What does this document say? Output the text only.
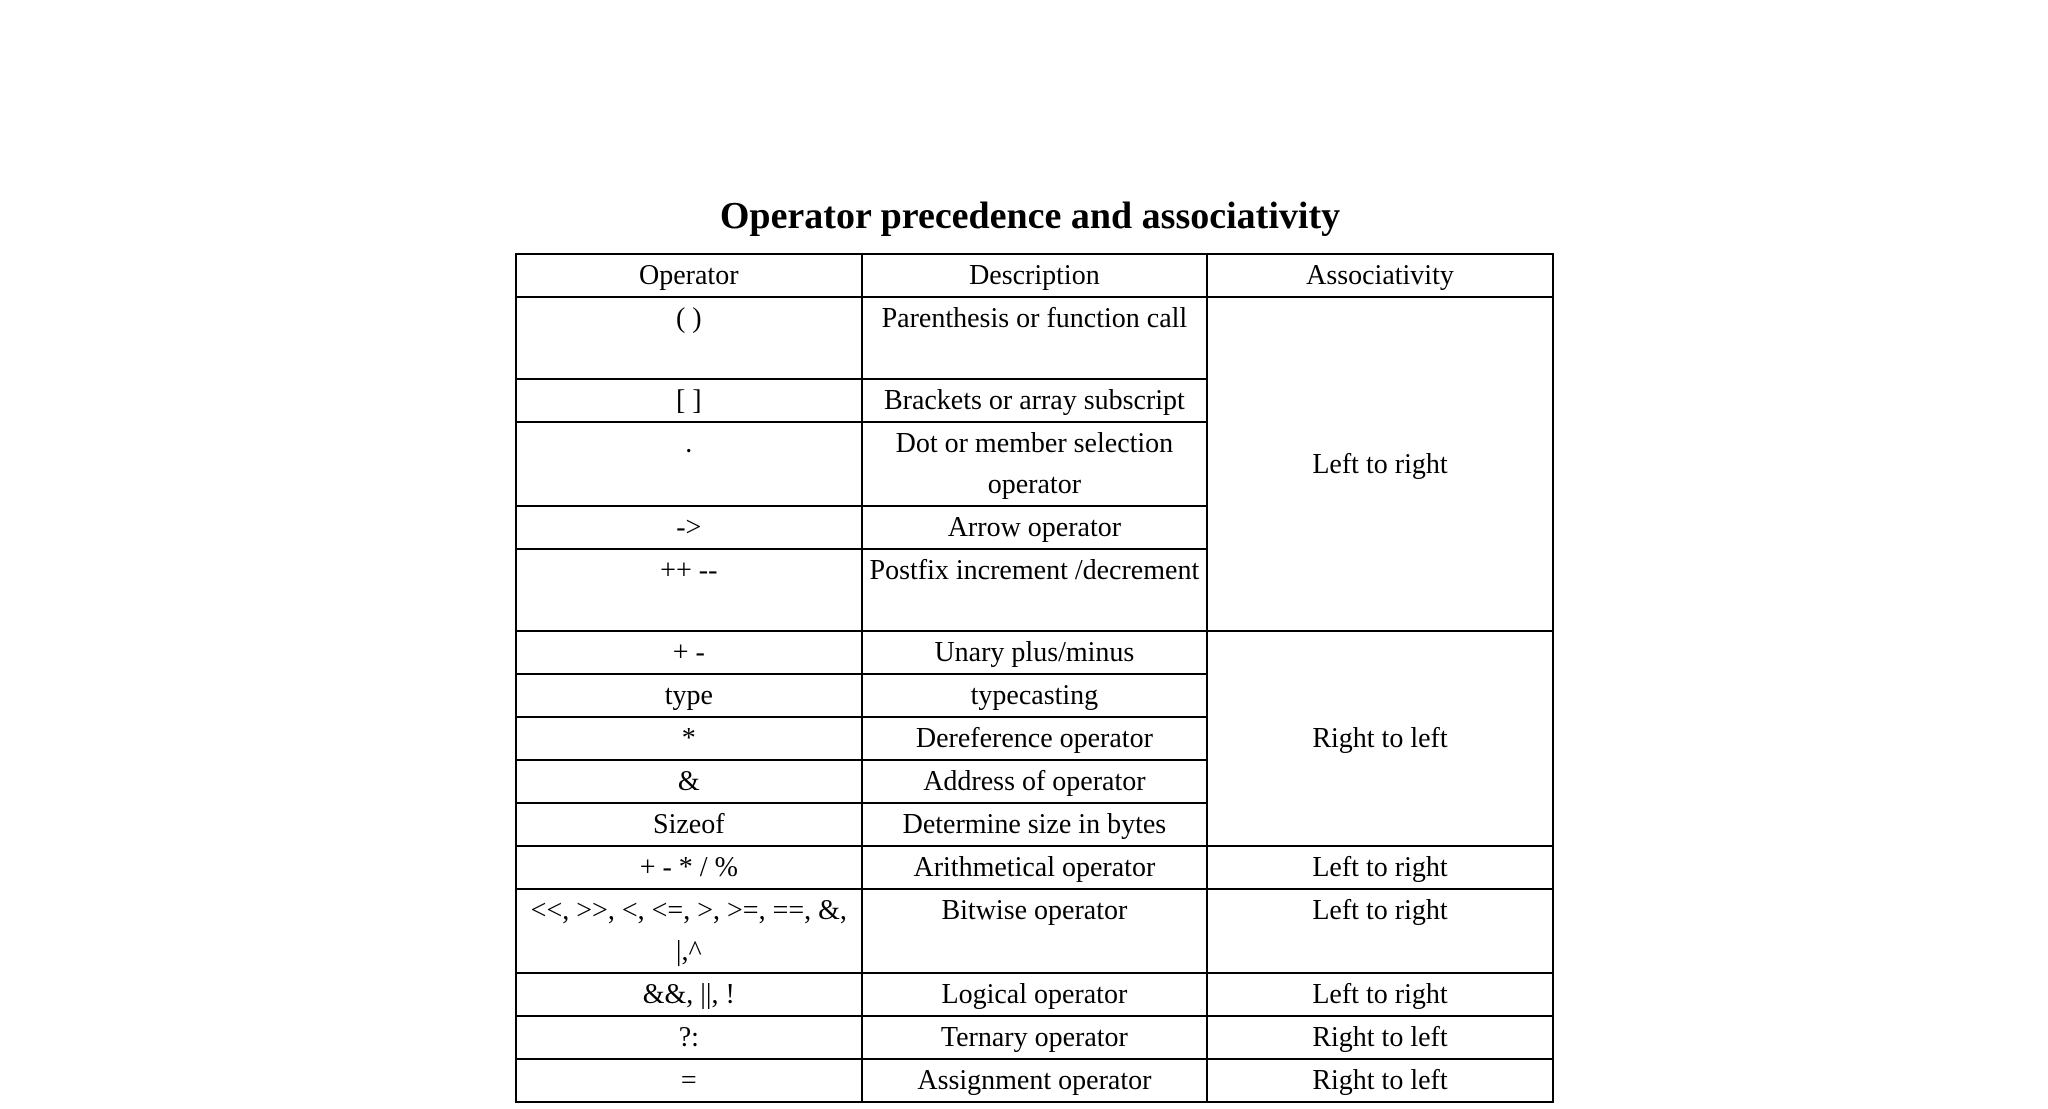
Operator precedence and associativity
Operator	Description	Associativity
( )	Parenthesis or function call	Left to right
[ ]	Brackets or array subscript	
.	Dot or member selection operator	
->	Arrow operator	
++ --	Postfix increment /decrement	
+ -	Unary plus/minus	Right to left
type	typecasting	
*	Dereference operator	
&	Address of operator	
Sizeof	Determine size in bytes	
+ - * / %	Arithmetical operator	Left to right
<<, >>, <, <=, >, >=, ==, &, |,^	Bitwise operator	Left to right
&&, ||, !	Logical operator	Left to right
?:	Ternary operator	Right to left
=	Assignment operator	Right to left
